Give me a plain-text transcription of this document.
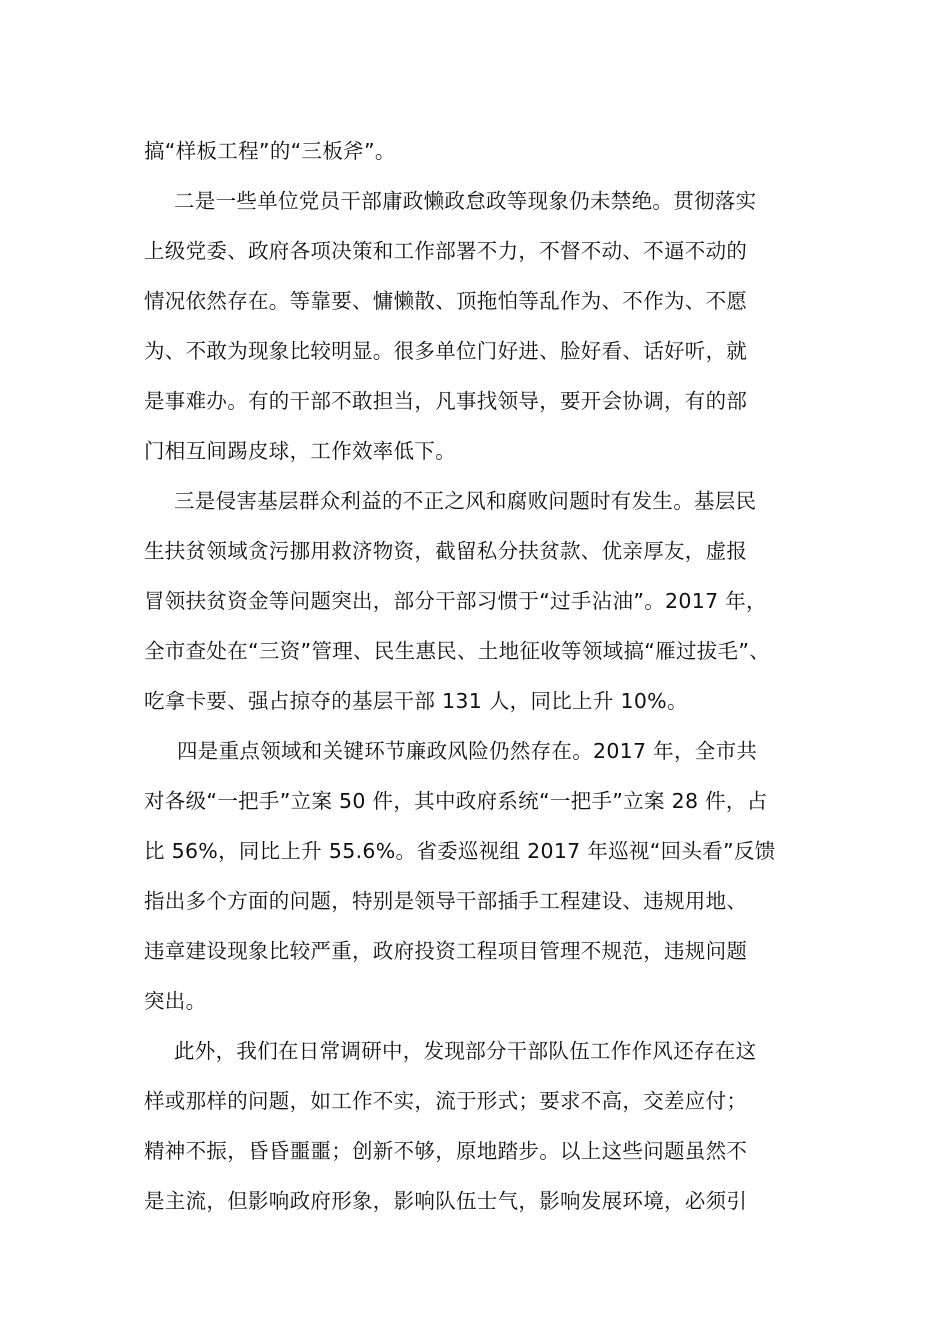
搞“样板工程”的“三板斧”。
二是一些单位党员干部庸政懒政怠政等现象仍未禁绝。贯彻落实
上级党委、政府各项决策和工作部署不力，不督不动、不逼不动的
情况依然存在。等靠要、慵懒散、顶拖怕等乱作为、不作为、不愿
为、不敢为现象比较明显。很多单位门好进、脸好看、话好听，就
是事难办。有的干部不敢担当，凡事找领导，要开会协调，有的部
门相互间踢皮球，工作效率低下。
三是侵害基层群众利益的不正之风和腐败问题时有发生。基层民
生扶贫领域贪污挪用救济物资，截留私分扶贫款、优亲厚友，虚报
冒领扶贫资金等问题突出，部分干部习惯于“过手沾油”。2017 年，
全市查处在“三资”管理、民生惠民、土地征收等领域搞“雁过拔毛”、
吃拿卡要、强占掠夺的基层干部 131 人，同比上升 10%。
四是重点领域和关键环节廉政风险仍然存在。2017 年，全市共
对各级“一把手”立案 50 件，其中政府系统“一把手”立案 28 件，占
比 56%，同比上升 55.6%。省委巡视组 2017 年巡视“回头看”反馈
指出多个方面的问题，特别是领导干部插手工程建设、违规用地、
违章建设现象比较严重，政府投资工程项目管理不规范，违规问题
突出。
此外，我们在日常调研中，发现部分干部队伍工作作风还存在这
样或那样的问题，如工作不实，流于形式；要求不高，交差应付；
精神不振，昏昏噩噩；创新不够，原地踏步。以上这些问题虽然不
是主流，但影响政府形象，影响队伍士气，影响发展环境，必须引
